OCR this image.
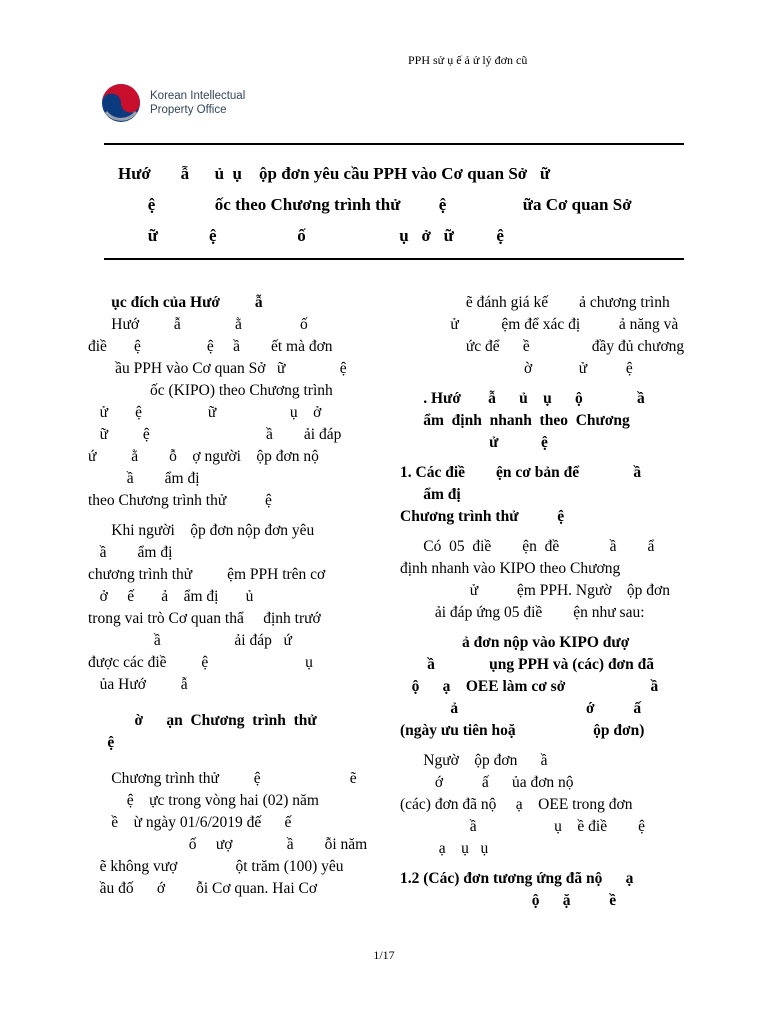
PPH sử ụ ế ả ử lý đơn cũ
Korean Intellectual
Property Office
Hướ       ẫ      ủ  ụ    ộp đơn yêu cầu PPH vào Cơ quan Sở   ữ
ệ              ốc theo Chương trình thử         ệ                  ữa Cơ quan Sở
ữ            ệ                   ố                      ụ   ở   ữ          ệ

ục đích của Hướ         ẫ

Hướ         ẫ              ằ               ố

điề       ệ                 ệ     ầ        ết mà đơn

ầu PPH vào Cơ quan Sở   ữ              ệ

ốc (KIPO) theo Chương trình

ử       ệ                 ữ                   ụ    ở

ữ         ệ                              ầ        ải đáp

ứ         ằ        ỗ    ợ người    ộp đơn nộ

ầ        ẩm đị

theo Chương trình thử          ệ

Khi người    ộp đơn nộp đơn yêu

ầ        ẩm đị

chương trình thử         ệm PPH trên cơ

ở     ế       ả    ẩm đị       ủ

trong vai trò Cơ quan thẩ     định trướ

ầ                   ải đáp   ứ

được các điề         ệ                         ụ

ủa Hướ         ẫ

ờ      ạn  Chương  trình  thử

ệ

Chương trình thử         ệ                       ẽ

ệ    ực trong vòng hai (02) năm

ề    ừ ngày 01/6/2019 đế      ế

ố     ượ              ầ        ỗi năm

ẽ không vượ               ột trăm (100) yêu

ầu đố      ớ        ỗi Cơ quan. Hai Cơ

ẽ đánh giá kế        ả chương trình

ử           ệm để xác đị          ả năng và

ức để      ề                đầy đủ chương

ờ            ử          ệ

. Hướ       ẫ      ủ    ụ      ộ              ầ

ẩm  định  nhanh  theo  Chương

ử           ệ

1. Các điề        ện cơ bản để              ầ

ẩm đị

Chương trình thử          ệ

Có  05  điề        ện  đề             ầ        ẩ

định nhanh vào KIPO theo Chương

ử          ệm PPH. Ngườ    ộp đơn

ải đáp ứng 05 điề        ện như sau:

ả đơn nộp vào KIPO đượ

ầ              ụng PPH và (các) đơn đã

ộ      ạ    OEE làm cơ sở                      ầ

ả                                 ớ          ấ

(ngày ưu tiên hoặ                    ộp đơn)

Ngườ    ộp đơn      ầ

ớ          ấ      ủa đơn nộ

(các) đơn đã nộ     ạ    OEE trong đơn

ầ                    ụ    ề điề        ệ

ạ    ụ   ụ

1.2 (Các) đơn tương ứng đã nộ      ạ

ộ      ặ          ề

1/17
